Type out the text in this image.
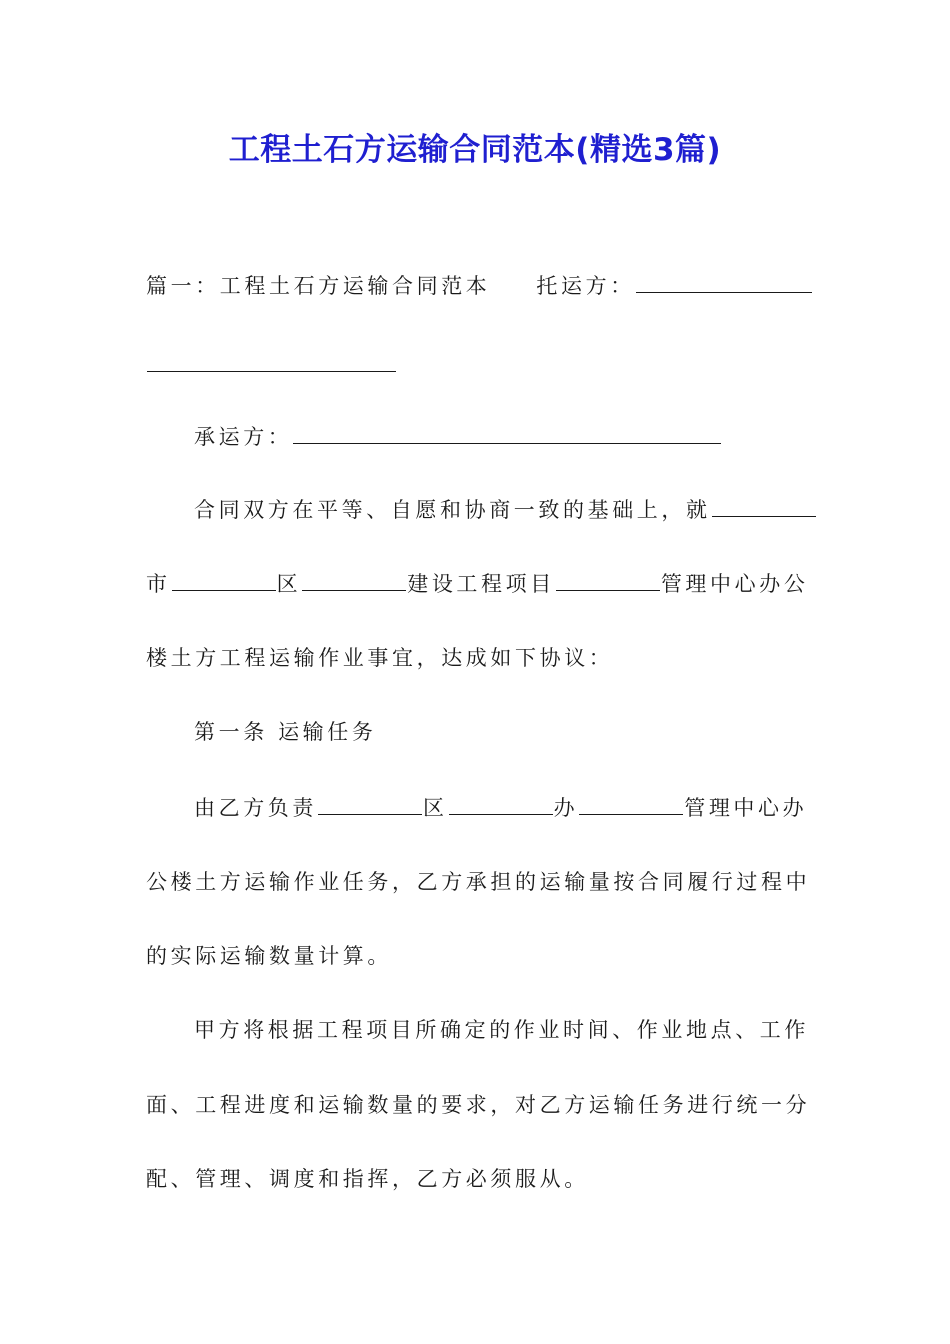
工程土石方运输合同范本(精选3篇)
篇一：工程土石方运输合同范本 托运方：
承运方：
合同双方在平等、自愿和协商一致的基础上，就
市	区	建设工程项目	管理中心办公
楼土方工程运输作业事宜，达成如下协议：
第一条 运输任务
由乙方负责	区	办	管理中心办
公楼土方运输作业任务，乙方承担的运输量按合同履行过程中
的实际运输数量计算。
甲方将根据工程项目所确定的作业时间、作业地点、工作
面、工程进度和运输数量的要求，对乙方运输任务进行统一分
配、管理、调度和指挥，乙方必须服从。
